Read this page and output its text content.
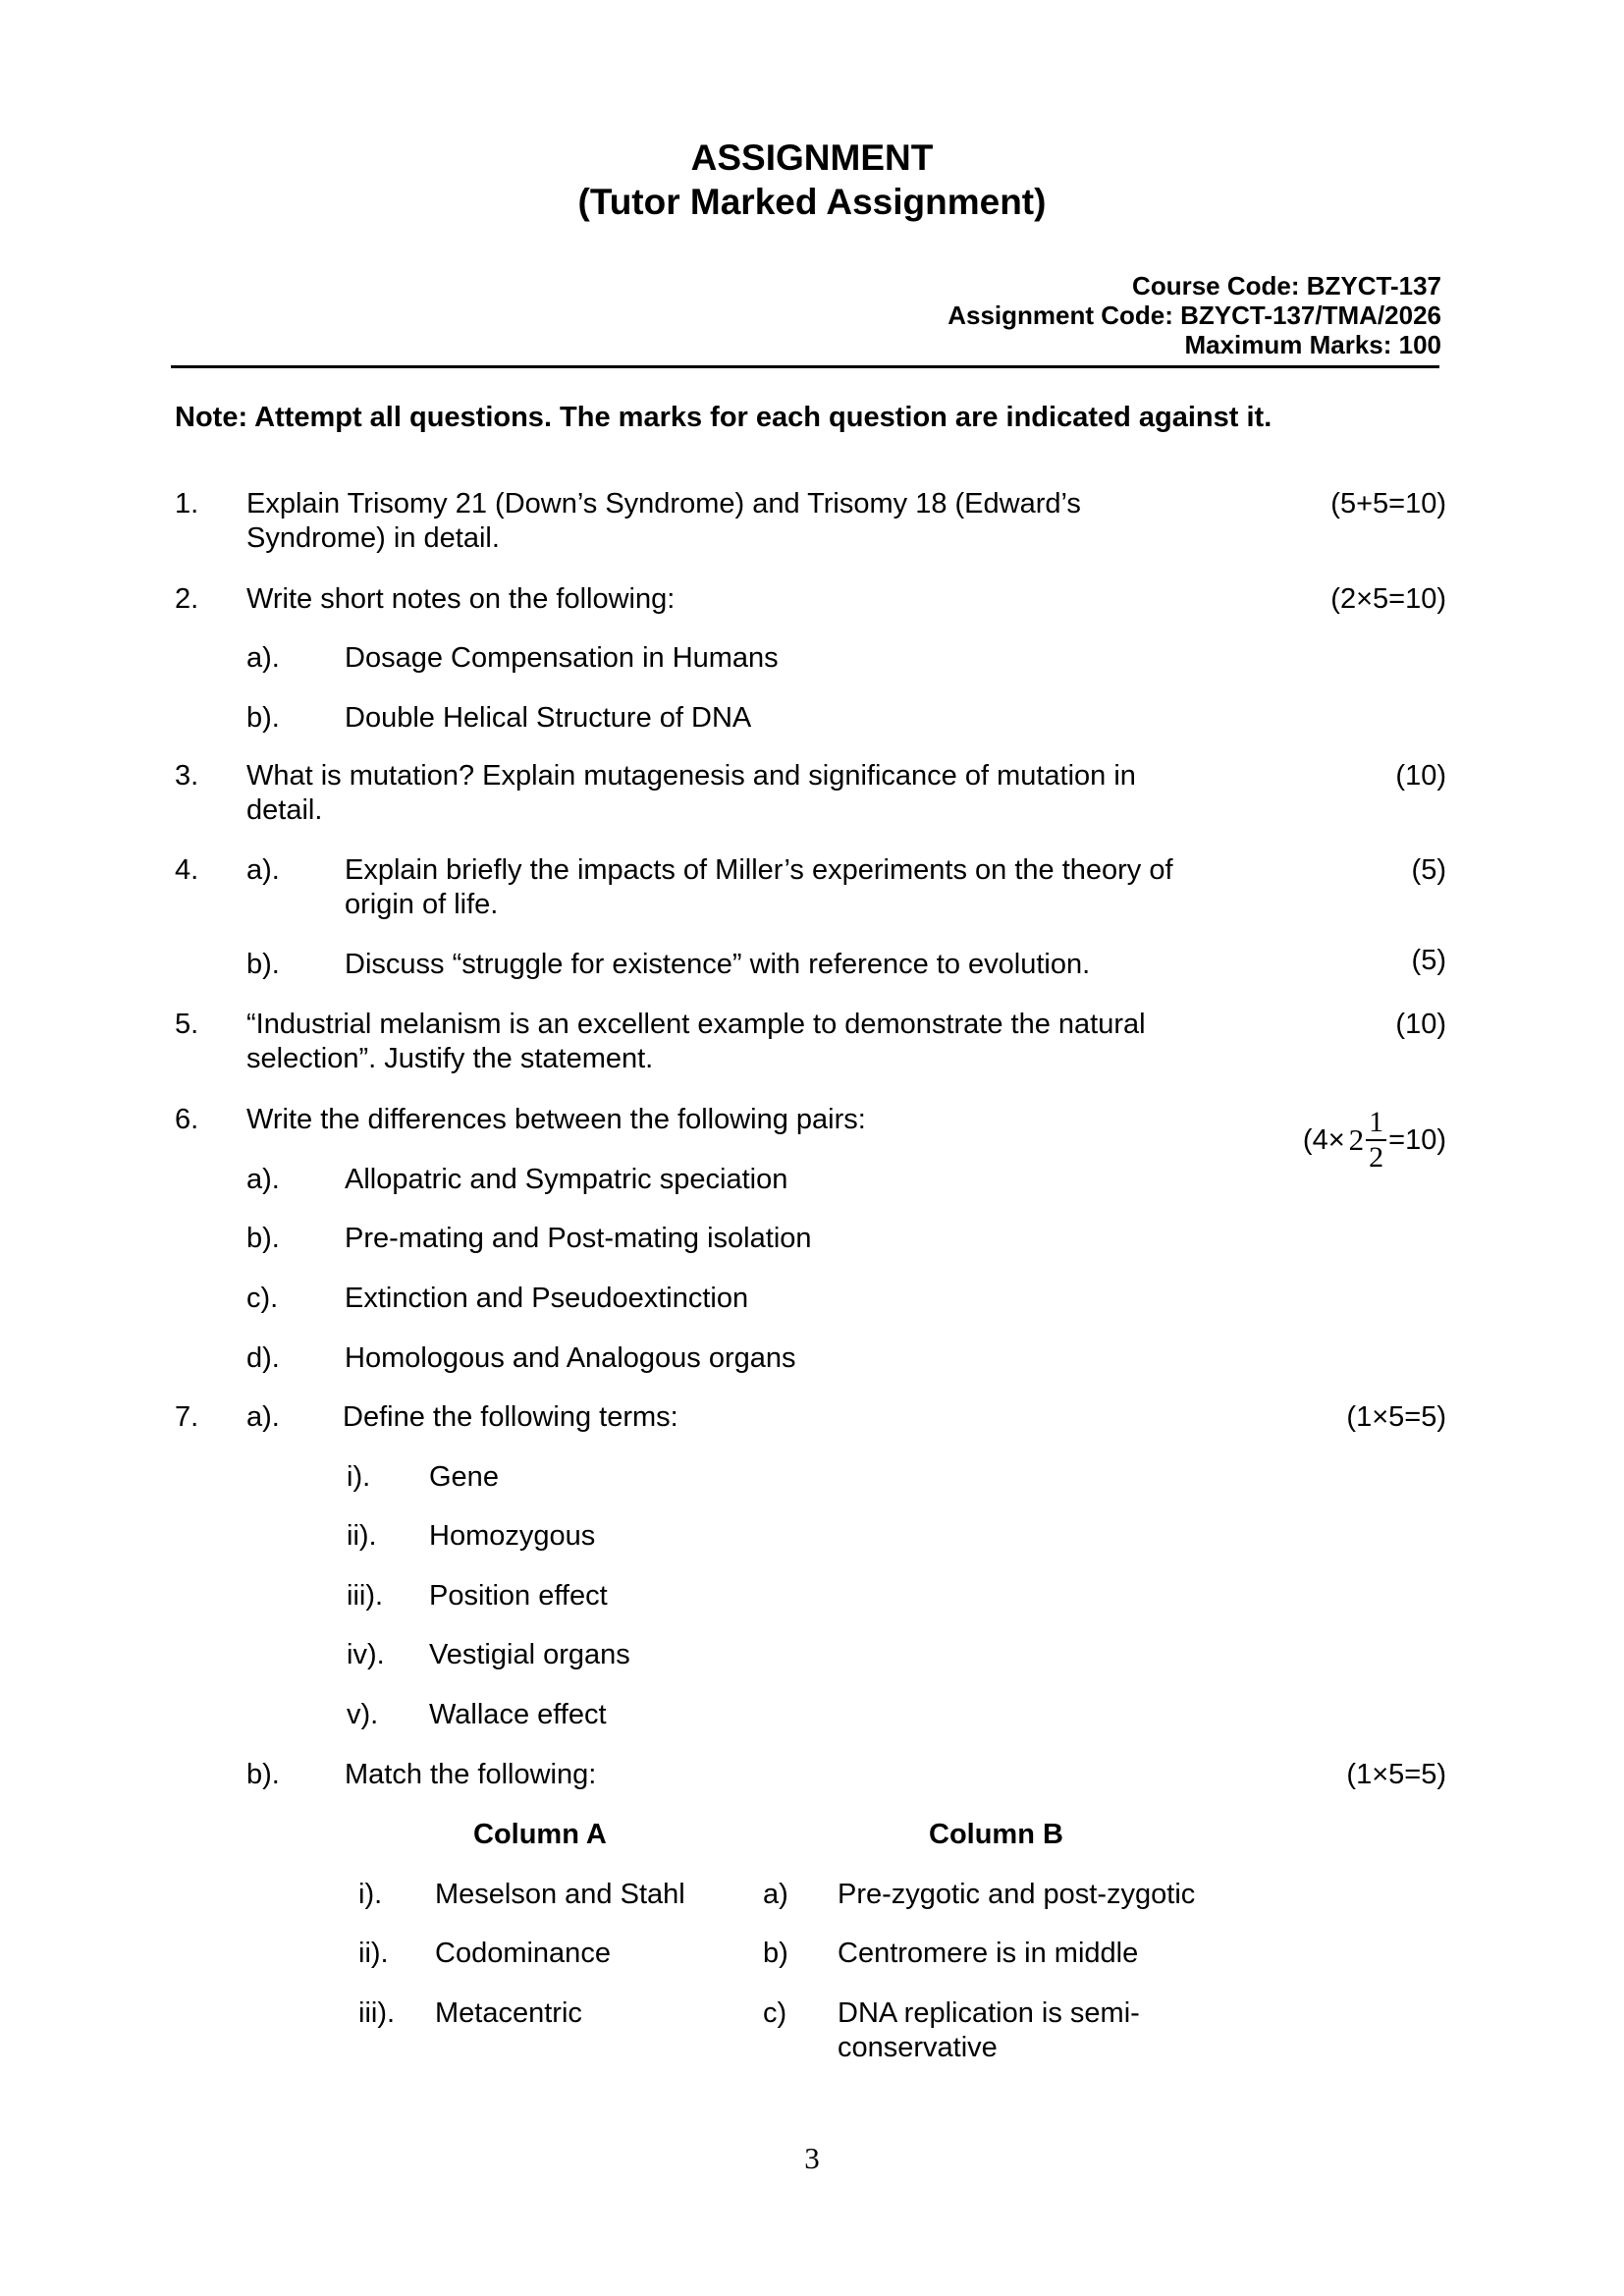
ASSIGNMENT
(Tutor Marked Assignment)
Course Code: BZYCT-137
Assignment Code: BZYCT-137/TMA/2026
Maximum Marks: 100
Note: Attempt all questions. The marks for each question are indicated against it.
1. Explain Trisomy 21 (Down’s Syndrome) and Trisomy 18 (Edward’s
Syndrome) in detail.
(5+5=10)
2. Write short notes on the following:	(2×5=10)
a). Dosage Compensation in Humans
b). Double Helical Structure of DNA
3. What is mutation? Explain mutagenesis and significance of mutation in
detail.
(10)
4. a). Explain briefly the impacts of Miller’s experiments on the theory of
origin of life.
(5)
b). Discuss “struggle for existence” with reference to evolution.	(5)
5. “Industrial melanism is an excellent example to demonstrate the natural
selection”. Justify the statement.
(10)
6. Write the differences between the following pairs:
$(4\times 2 \frac{1}{2} =10)$
a). Allopatric and Sympatric speciation
b). Pre-mating and Post-mating isolation
c). Extinction and Pseudoextinction
d). Homologous and Analogous organs
7. a). Define the following terms:	(1×5=5)
i). Gene
ii). Homozygous
iii). Position effect
iv). Vestigial organs
v). Wallace effect
b). Match the following:	(1×5=5)
Column A	Column B
i). Meselson and Stahl	a) Pre-zygotic and post-zygotic
ii). Codominance	b) Centromere is in middle
iii). Metacentric	c) DNA replication is semi-
conservative
3
